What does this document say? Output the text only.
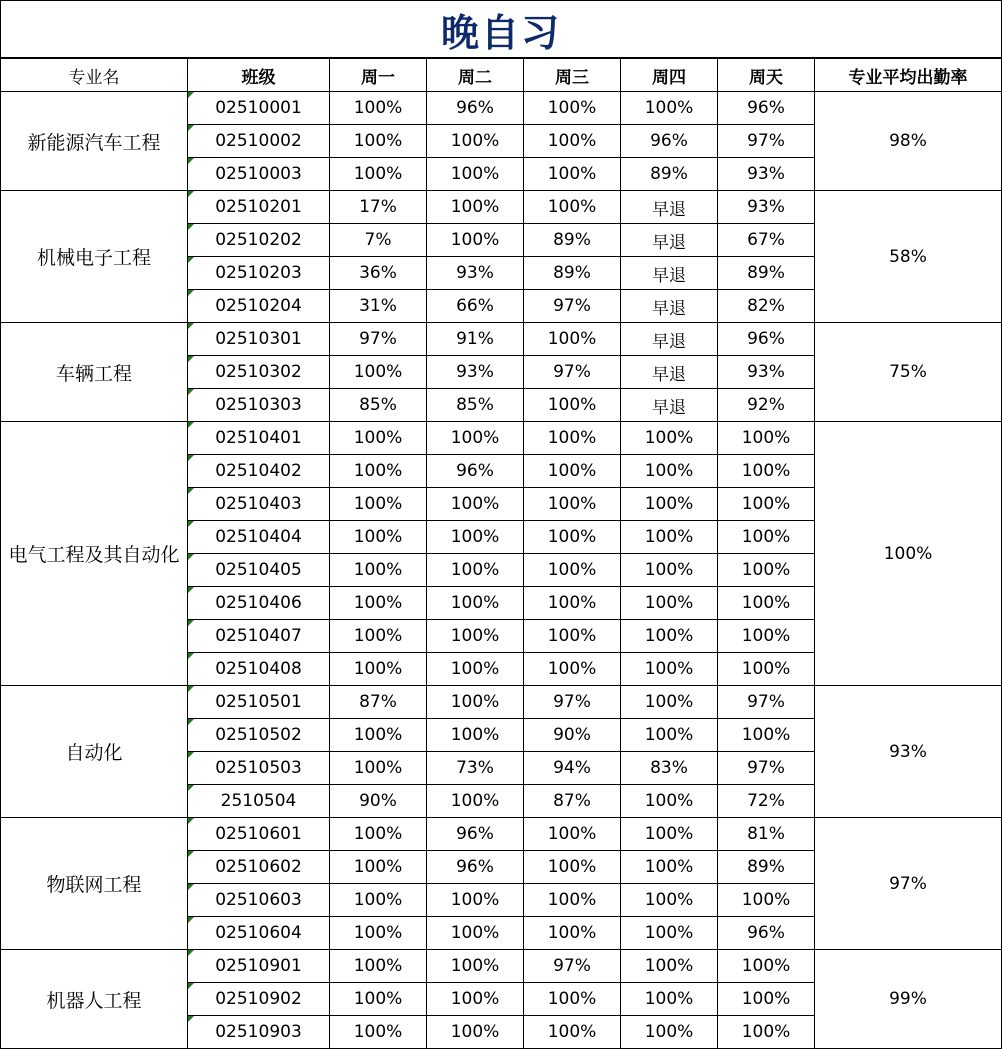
晚自习
专业名	班级	周一	周二	周三	周四	周天	专业平均出勤率
新能源汽车工程	02510001	100%	96%	100%	100%	96%	98%
	02510002	100%	100%	100%	96%	97%	
	02510003	100%	100%	100%	89%	93%	
机械电子工程	02510201	17%	100%	100%	早退	93%	58%
	02510202	7%	100%	89%	早退	67%	
	02510203	36%	93%	89%	早退	89%	
	02510204	31%	66%	97%	早退	82%	
车辆工程	02510301	97%	91%	100%	早退	96%	75%
	02510302	100%	93%	97%	早退	93%	
	02510303	85%	85%	100%	早退	92%	
电气工程及其自动化	02510401	100%	100%	100%	100%	100%	100%
	02510402	100%	96%	100%	100%	100%	
	02510403	100%	100%	100%	100%	100%	
	02510404	100%	100%	100%	100%	100%	
	02510405	100%	100%	100%	100%	100%	
	02510406	100%	100%	100%	100%	100%	
	02510407	100%	100%	100%	100%	100%	
	02510408	100%	100%	100%	100%	100%	
自动化	02510501	87%	100%	97%	100%	97%	93%
	02510502	100%	100%	90%	100%	100%	
	02510503	100%	73%	94%	83%	97%	
	2510504	90%	100%	87%	100%	72%	
物联网工程	02510601	100%	96%	100%	100%	81%	97%
	02510602	100%	96%	100%	100%	89%	
	02510603	100%	100%	100%	100%	100%	
	02510604	100%	100%	100%	100%	96%	
机器人工程	02510901	100%	100%	97%	100%	100%	99%
	02510902	100%	100%	100%	100%	100%	
	02510903	100%	100%	100%	100%	100%	
